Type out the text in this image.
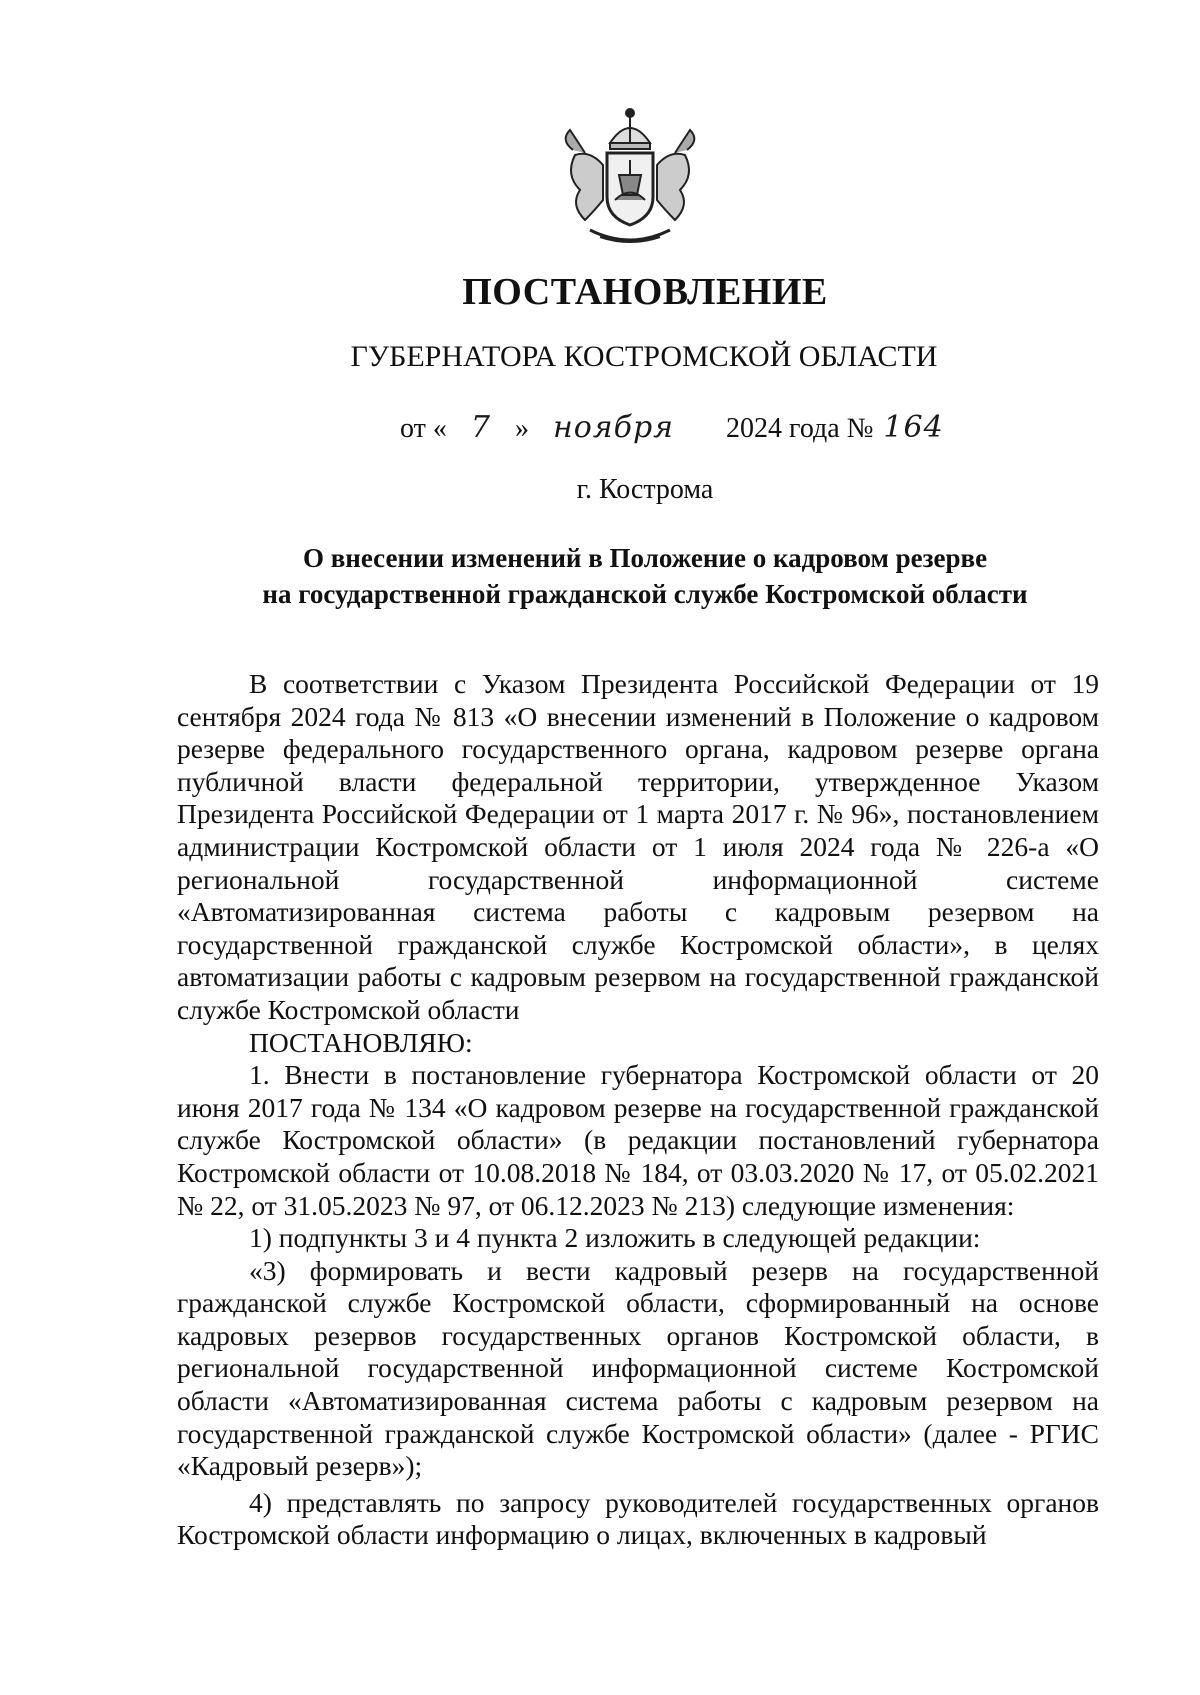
ПОСТАНОВЛЕНИЕ
ГУБЕРНАТОРА КОСТРОМСКОЙ ОБЛАСТИ
от « 7 » ноября 2024 года № 164
г. Кострома
О внесении изменений в Положение о кадровом резерве
на государственной гражданской службе Костромской области

В соответствии с Указом Президента Российской Федерации от 19 сентября 2024 года № 813 «О внесении изменений в Положение о кадровом резерве федерального государственного органа, кадровом резерве органа публичной власти федеральной территории, утвержденное Указом Президента Российской Федерации от 1 марта 2017 г. № 96», постановлением администрации Костромской области от 1 июля 2024 года № 226-а «О региональной государственной информационной системе «Автоматизированная система работы с кадровым резервом на государственной гражданской службе Костромской области», в целях автоматизации работы с кадровым резервом на государственной гражданской службе Костромской области

ПОСТАНОВЛЯЮ:

1. Внести в постановление губернатора Костромской области от 20 июня 2017 года № 134 «О кадровом резерве на государственной гражданской службе Костромской области» (в редакции постановлений губернатора Костромской области от 10.08.2018 № 184, от 03.03.2020 № 17, от 05.02.2021 № 22, от 31.05.2023 № 97, от 06.12.2023 № 213) следующие изменения:

1) подпункты 3 и 4 пункта 2 изложить в следующей редакции:

«3) формировать и вести кадровый резерв на государственной гражданской службе Костромской области, сформированный на основе кадровых резервов государственных органов Костромской области, в региональной государственной информационной системе Костромской области «Автоматизированная система работы с кадровым резервом на государственной гражданской службе Костромской области» (далее - РГИС «Кадровый резерв»);

4) представлять по запросу руководителей государственных органов Костромской области информацию о лицах, включенных в кадровый
